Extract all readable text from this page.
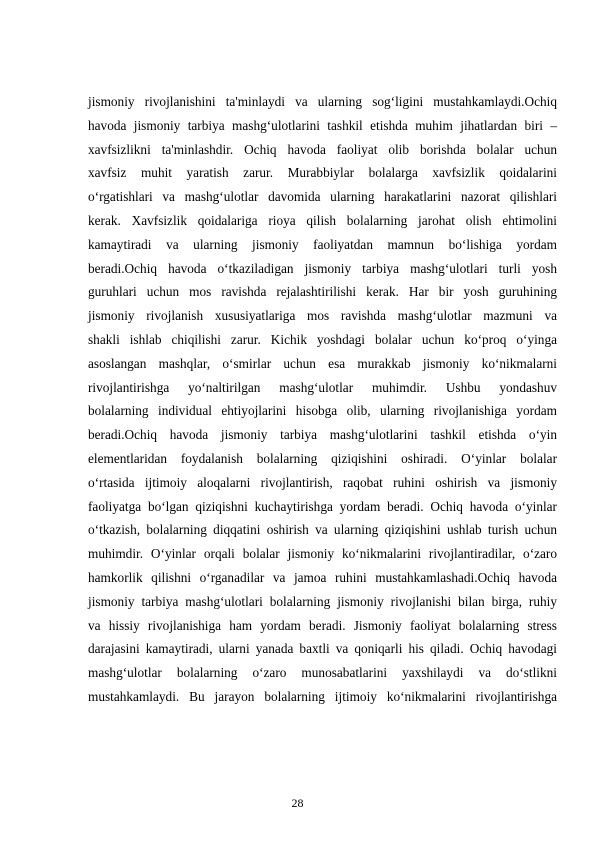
jismoniy rivojlanishini ta'minlaydi va ularning sog‘ligini mustahkamlaydi.Ochiq
havoda jismoniy tarbiya mashg‘ulotlarini tashkil etishda muhim jihatlardan biri –
xavfsizlikni ta'minlashdir. Ochiq havoda faoliyat olib borishda bolalar uchun
xavfsiz muhit yaratish zarur. Murabbiylar bolalarga xavfsizlik qoidalarini
o‘rgatishlari va mashg‘ulotlar davomida ularning harakatlarini nazorat qilishlari
kerak. Xavfsizlik qoidalariga rioya qilish bolalarning jarohat olish ehtimolini
kamaytiradi va ularning jismoniy faoliyatdan mamnun bo‘lishiga yordam
beradi.Ochiq havoda o‘tkaziladigan jismoniy tarbiya mashg‘ulotlari turli yosh
guruhlari uchun mos ravishda rejalashtirilishi kerak. Har bir yosh guruhining
jismoniy rivojlanish xususiyatlariga mos ravishda mashg‘ulotlar mazmuni va
shakli ishlab chiqilishi zarur. Kichik yoshdagi bolalar uchun ko‘proq o‘yinga
asoslangan mashqlar, o‘smirlar uchun esa murakkab jismoniy ko‘nikmalarni
rivojlantirishga yo‘naltirilgan mashg‘ulotlar muhimdir. Ushbu yondashuv
bolalarning individual ehtiyojlarini hisobga olib, ularning rivojlanishiga yordam
beradi.Ochiq havoda jismoniy tarbiya mashg‘ulotlarini tashkil etishda o‘yin
elementlaridan foydalanish bolalarning qiziqishini oshiradi. O‘yinlar bolalar
o‘rtasida ijtimoiy aloqalarni rivojlantirish, raqobat ruhini oshirish va jismoniy
faoliyatga bo‘lgan qiziqishni kuchaytirishga yordam beradi. Ochiq havoda o‘yinlar
o‘tkazish, bolalarning diqqatini oshirish va ularning qiziqishini ushlab turish uchun
muhimdir. O‘yinlar orqali bolalar jismoniy ko‘nikmalarini rivojlantiradilar, o‘zaro
hamkorlik qilishni o‘rganadilar va jamoa ruhini mustahkamlashadi.Ochiq havoda
jismoniy tarbiya mashg‘ulotlari bolalarning jismoniy rivojlanishi bilan birga, ruhiy
va hissiy rivojlanishiga ham yordam beradi. Jismoniy faoliyat bolalarning stress
darajasini kamaytiradi, ularni yanada baxtli va qoniqarli his qiladi. Ochiq havodagi
mashg‘ulotlar bolalarning o‘zaro munosabatlarini yaxshilaydi va do‘stlikni
mustahkamlaydi. Bu jarayon bolalarning ijtimoiy ko‘nikmalarini rivojlantirishga
28
